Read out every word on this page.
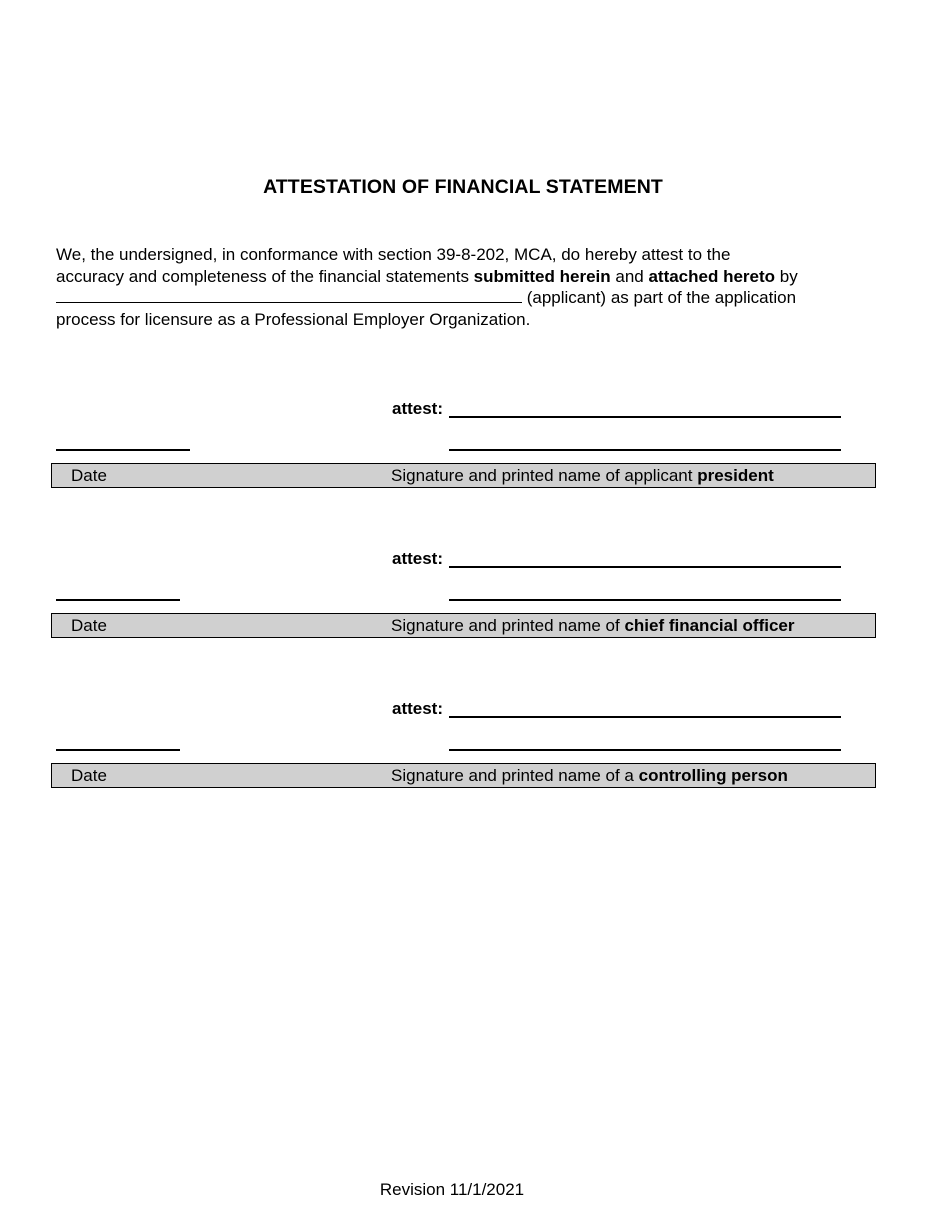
ATTESTATION OF FINANCIAL STATEMENT
We, the undersigned, in conformance with section 39-8-202, MCA, do hereby attest to the
accuracy and completeness of the financial statements submitted herein and attached hereto by
(applicant) as part of the application
process for licensure as a Professional Employer Organization.
attest:
Date	Signature and printed name of applicant president
attest:
Date	Signature and printed name of chief financial officer
attest:
Date	Signature and printed name of a controlling person
Revision 11/1/2021
